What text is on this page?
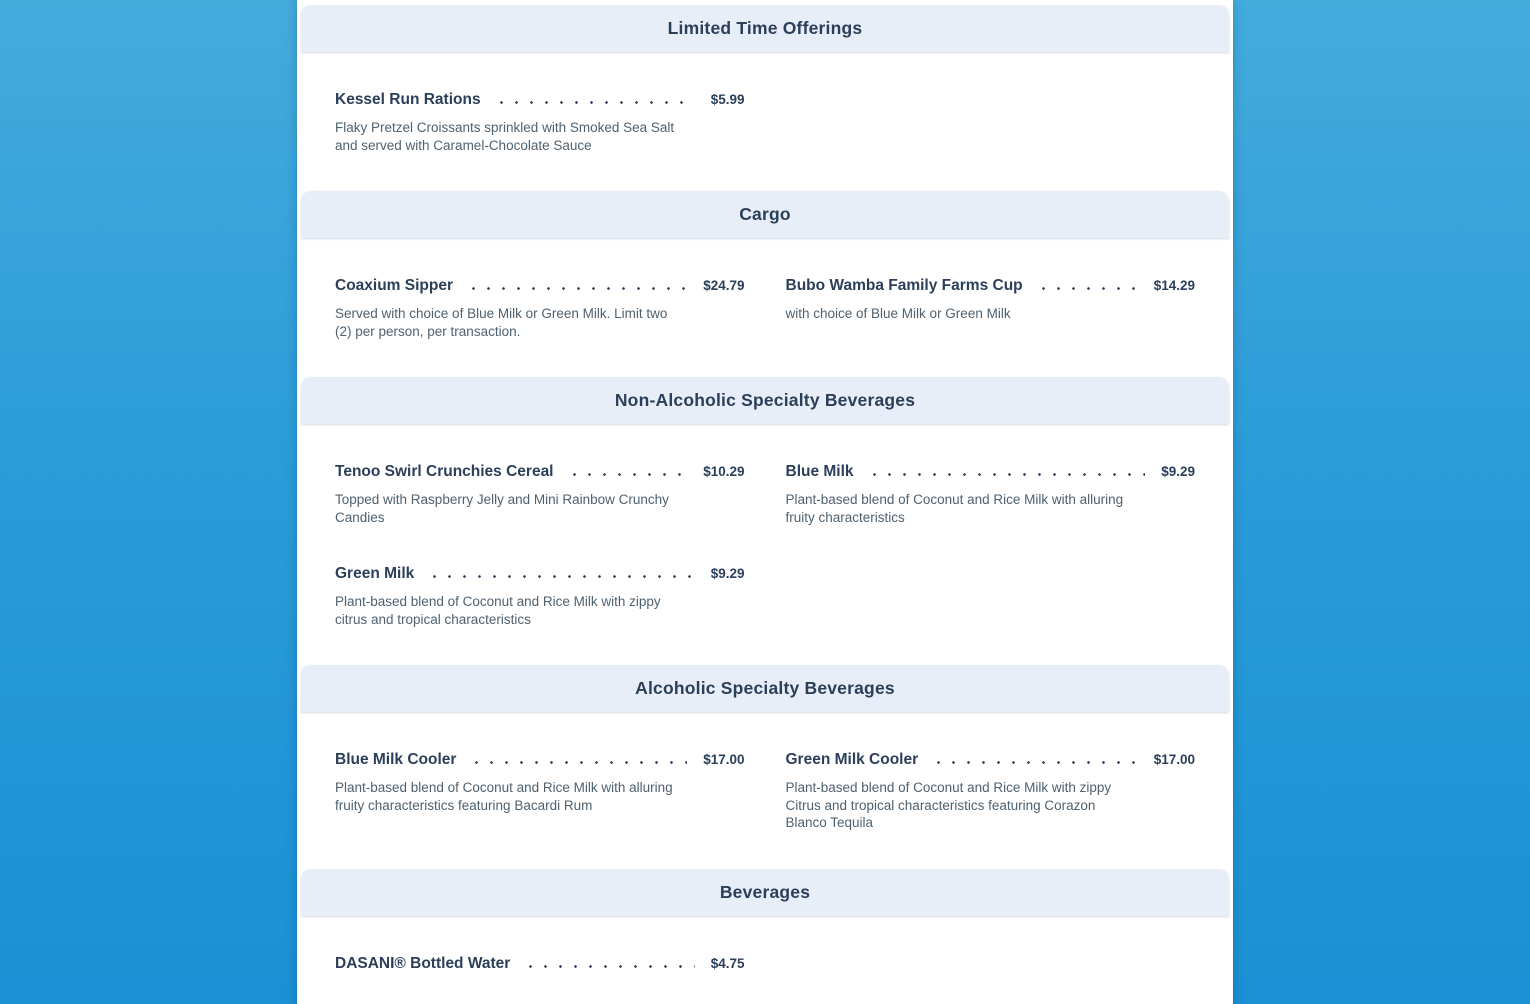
Limited Time Offerings
Kessel Run Rations	$5.99

Flaky Pretzel Croissants sprinkled with Smoked Sea Salt and served with Caramel-Chocolate Sauce

Cargo
Coaxium Sipper	$24.79

Served with choice of Blue Milk or Green Milk. Limit two (2) per person, per transaction.

Bubo Wamba Family Farms Cup	$14.29

with choice of Blue Milk or Green Milk

Non-Alcoholic Specialty Beverages
Tenoo Swirl Crunchies Cereal	$10.29

Topped with Raspberry Jelly and Mini Rainbow Crunchy Candies

Blue Milk	$9.29

Plant-based blend of Coconut and Rice Milk with alluring fruity characteristics

Green Milk	$9.29

Plant-based blend of Coconut and Rice Milk with zippy citrus and tropical characteristics

Alcoholic Specialty Beverages
Blue Milk Cooler	$17.00

Plant-based blend of Coconut and Rice Milk with alluring fruity characteristics featuring Bacardi Rum

Green Milk Cooler	$17.00

Plant-based blend of Coconut and Rice Milk with zippy Citrus and tropical characteristics featuring Corazon Blanco Tequila

Beverages
DASANI® Bottled Water	$4.75
